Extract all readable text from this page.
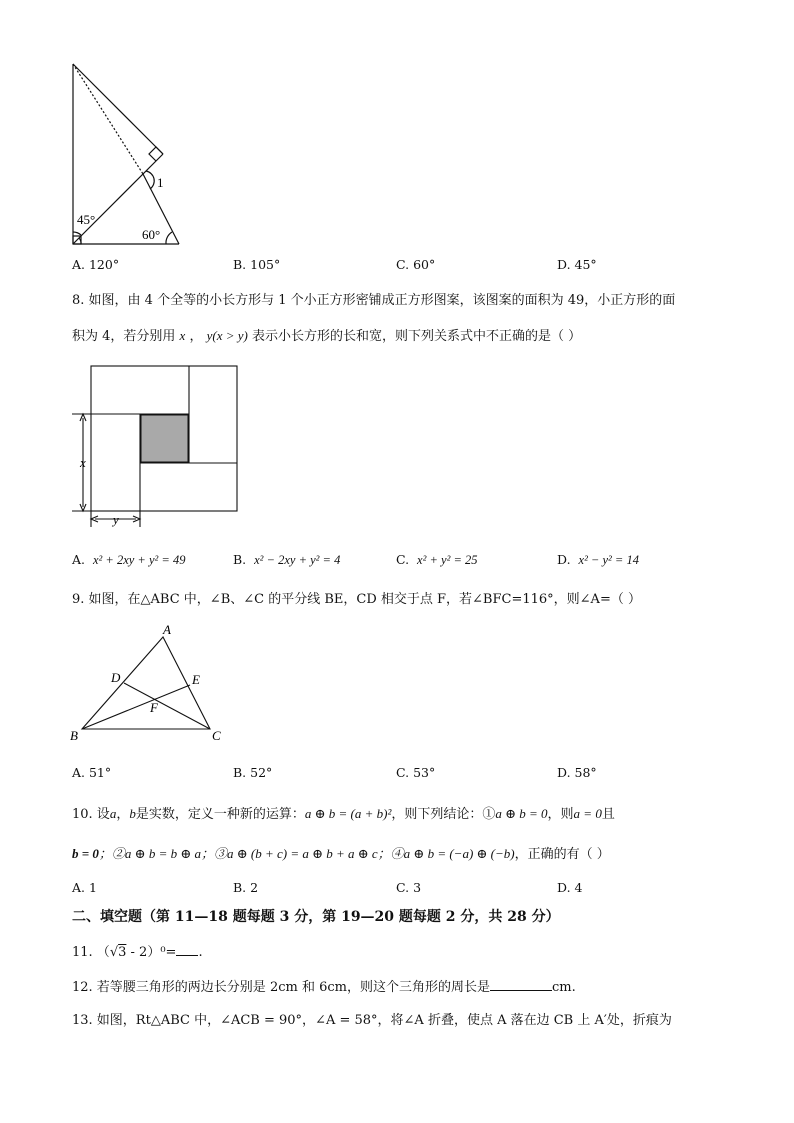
45°
60°
1
A. 120°	B. 105°	C. 60°	D. 45°
8. 如图，由 4 个全等的小长方形与 1 个小正方形密铺成正方形图案，该图案的面积为 49，小正方形的面
积为 4，若分别用 x ， y(x > y) 表示小长方形的长和宽，则下列关系式中不正确的是（ ）
x
y
A. x² + 2xy + y² = 49	B. x² − 2xy + y² = 4	C. x² + y² = 25	D. x² − y² = 14
9. 如图，在△ABC 中，∠B、∠C 的平分线 BE，CD 相交于点 F，若∠BFC=116°，则∠A=（ ）
A
B	C
D	E
F
A. 51°	B. 52°	C. 53°	D. 58°
10. 设a，b是实数，定义一种新的运算：a ⊕ b = (a + b)²，则下列结论：①a ⊕ b = 0，则a = 0且
b = 0；②a ⊕ b = b ⊕ a；③a ⊕ (b + c) = a ⊕ b + a ⊕ c；④a ⊕ b = (−a) ⊕ (−b)，正确的有（ ）
A. 1	B. 2	C. 3	D. 4
二、填空题（第 11—18 题每题 3 分，第 19—20 题每题 2 分，共 28 分）
11. （√3 - 2）⁰= .
12. 若等腰三角形的两边长分别是 2cm 和 6cm，则这个三角形的周长是	cm.
13. 如图，Rt△ABC 中，∠ACB = 90°，∠A = 58°，将∠A 折叠，使点 A 落在边 CB 上 A′处，折痕为
